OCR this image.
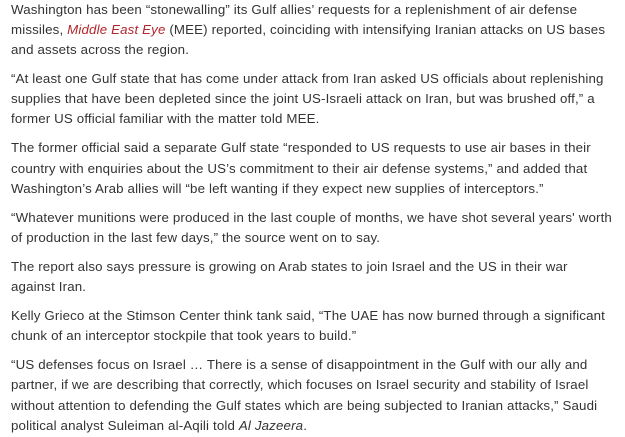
Washington has been “stonewalling” its Gulf allies’ requests for a replenishment of air defense missiles, Middle East Eye (MEE) reported, coinciding with intensifying Iranian attacks on US bases and assets across the region.

“At least one Gulf state that has come under attack from Iran asked US officials about replenishing supplies that have been depleted since the joint US-Israeli attack on Iran, but was brushed off,” a former US official familiar with the matter told MEE.

The former official said a separate Gulf state “responded to US requests to use air bases in their country with enquiries about the US’s commitment to their air defense systems,” and added that Washington’s Arab allies will “be left wanting if they expect new supplies of interceptors.”

“Whatever munitions were produced in the last couple of months, we have shot several years' worth of production in the last few days,” the source went on to say.

The report also says pressure is growing on Arab states to join Israel and the US in their war against Iran.

Kelly Grieco at the Stimson Center think tank said, “The UAE has now burned through a significant chunk of an interceptor stockpile that took years to build.”

“US defenses focus on Israel … There is a sense of disappointment in the Gulf with our ally and partner, if we are describing that correctly, which focuses on Israel security and stability of Israel without attention to defending the Gulf states which are being subjected to Iranian attacks,” Saudi political analyst Suleiman al-Aqili told Al Jazeera.
